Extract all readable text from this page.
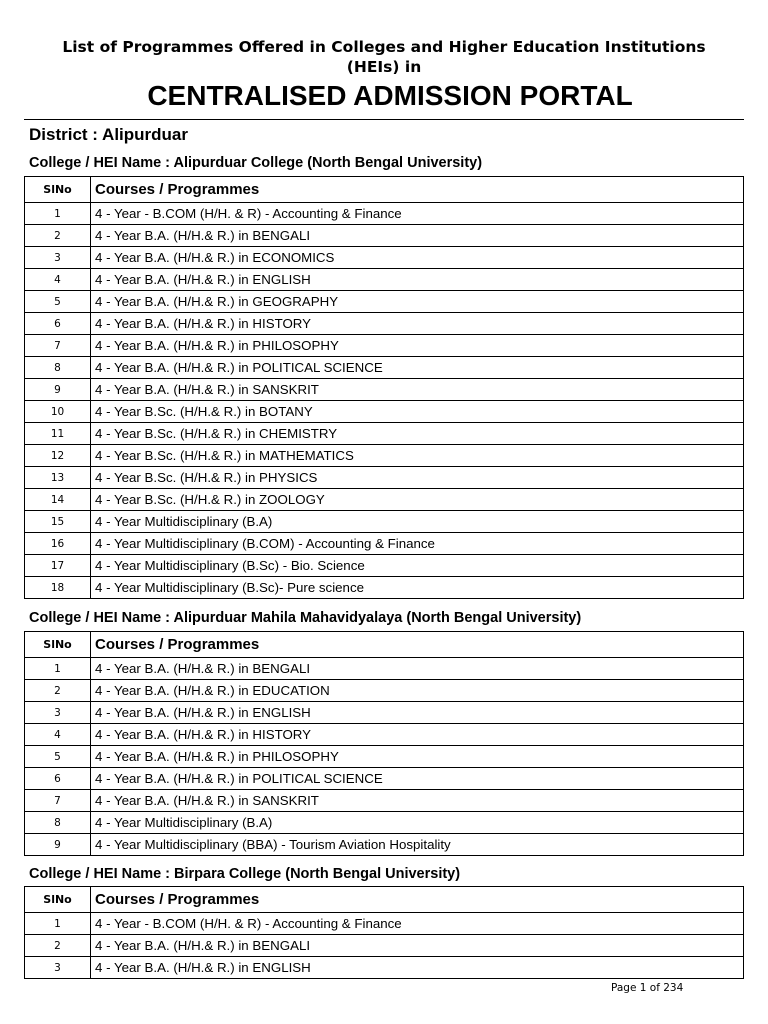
List of Programmes Offered in Colleges and Higher Education Institutions
(HEIs) in
CENTRALISED ADMISSION PORTAL
District : Alipurduar
College / HEI Name : Alipurduar College (North Bengal University)
SlNo	Courses / Programmes
1	4 - Year - B.COM (H/H. & R) - Accounting & Finance
2	4 - Year B.A. (H/H.& R.) in BENGALI
3	4 - Year B.A. (H/H.& R.) in ECONOMICS
4	4 - Year B.A. (H/H.& R.) in ENGLISH
5	4 - Year B.A. (H/H.& R.) in GEOGRAPHY
6	4 - Year B.A. (H/H.& R.) in HISTORY
7	4 - Year B.A. (H/H.& R.) in PHILOSOPHY
8	4 - Year B.A. (H/H.& R.) in POLITICAL SCIENCE
9	4 - Year B.A. (H/H.& R.) in SANSKRIT
10	4 - Year B.Sc. (H/H.& R.) in BOTANY
11	4 - Year B.Sc. (H/H.& R.) in CHEMISTRY
12	4 - Year B.Sc. (H/H.& R.) in MATHEMATICS
13	4 - Year B.Sc. (H/H.& R.) in PHYSICS
14	4 - Year B.Sc. (H/H.& R.) in ZOOLOGY
15	4 - Year Multidisciplinary (B.A)
16	4 - Year Multidisciplinary (B.COM) - Accounting & Finance
17	4 - Year Multidisciplinary (B.Sc) - Bio. Science
18	4 - Year Multidisciplinary (B.Sc)- Pure science
College / HEI Name : Alipurduar Mahila Mahavidyalaya (North Bengal University)
SlNo	Courses / Programmes
1	4 - Year B.A. (H/H.& R.) in BENGALI
2	4 - Year B.A. (H/H.& R.) in EDUCATION
3	4 - Year B.A. (H/H.& R.) in ENGLISH
4	4 - Year B.A. (H/H.& R.) in HISTORY
5	4 - Year B.A. (H/H.& R.) in PHILOSOPHY
6	4 - Year B.A. (H/H.& R.) in POLITICAL SCIENCE
7	4 - Year B.A. (H/H.& R.) in SANSKRIT
8	4 - Year Multidisciplinary (B.A)
9	4 - Year Multidisciplinary (BBA) - Tourism Aviation Hospitality
College / HEI Name : Birpara College (North Bengal University)
SlNo	Courses / Programmes
1	4 - Year - B.COM (H/H. & R) - Accounting & Finance
2	4 - Year B.A. (H/H.& R.) in BENGALI
3	4 - Year B.A. (H/H.& R.) in ENGLISH
Page 1 of 234
